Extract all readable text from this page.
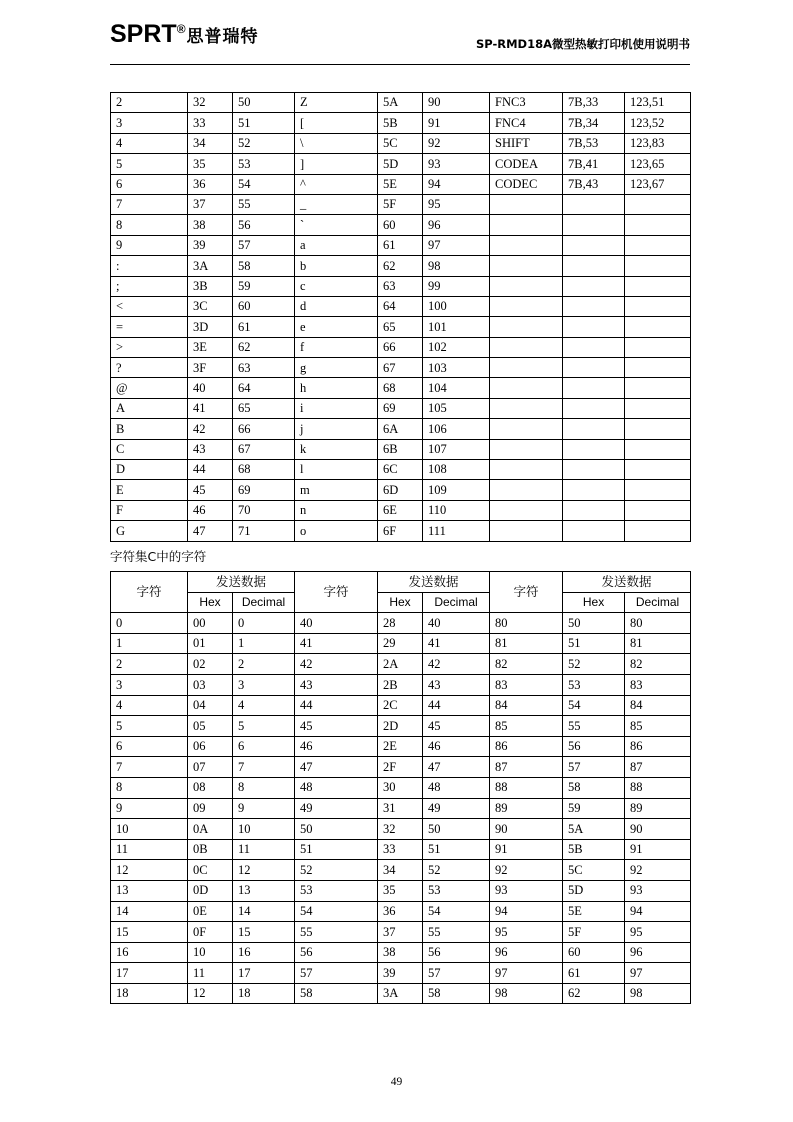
SPRT ® 思普瑞特	SP-RMD18A微型热敏打印机使用说明书
2	32	50	Z	5A	90	FNC3	7B,33	123,51
3	33	51	[	5B	91	FNC4	7B,34	123,52
4	34	52	\	5C	92	SHIFT	7B,53	123,83
5	35	53	]	5D	93	CODEA	7B,41	123,65
6	36	54	^	5E	94	CODEC	7B,43	123,67
7	37	55	_	5F	95			
8	38	56	`	60	96			
9	39	57	a	61	97			
:	3A	58	b	62	98			
;	3B	59	c	63	99			
<	3C	60	d	64	100			
=	3D	61	e	65	101			
>	3E	62	f	66	102			
?	3F	63	g	67	103			
@	40	64	h	68	104			
A	41	65	i	69	105			
B	42	66	j	6A	106			
C	43	67	k	6B	107			
D	44	68	l	6C	108			
E	45	69	m	6D	109			
F	46	70	n	6E	110			
G	47	71	o	6F	111			
字符集C中的字符
字符	发送数据		字符	发送数据		字符	发送数据	
	Hex	Decimal		Hex	Decimal		Hex	Decimal
0	00	0	40	28	40	80	50	80
1	01	1	41	29	41	81	51	81
2	02	2	42	2A	42	82	52	82
3	03	3	43	2B	43	83	53	83
4	04	4	44	2C	44	84	54	84
5	05	5	45	2D	45	85	55	85
6	06	6	46	2E	46	86	56	86
7	07	7	47	2F	47	87	57	87
8	08	8	48	30	48	88	58	88
9	09	9	49	31	49	89	59	89
10	0A	10	50	32	50	90	5A	90
11	0B	11	51	33	51	91	5B	91
12	0C	12	52	34	52	92	5C	92
13	0D	13	53	35	53	93	5D	93
14	0E	14	54	36	54	94	5E	94
15	0F	15	55	37	55	95	5F	95
16	10	16	56	38	56	96	60	96
17	11	17	57	39	57	97	61	97
18	12	18	58	3A	58	98	62	98
49
